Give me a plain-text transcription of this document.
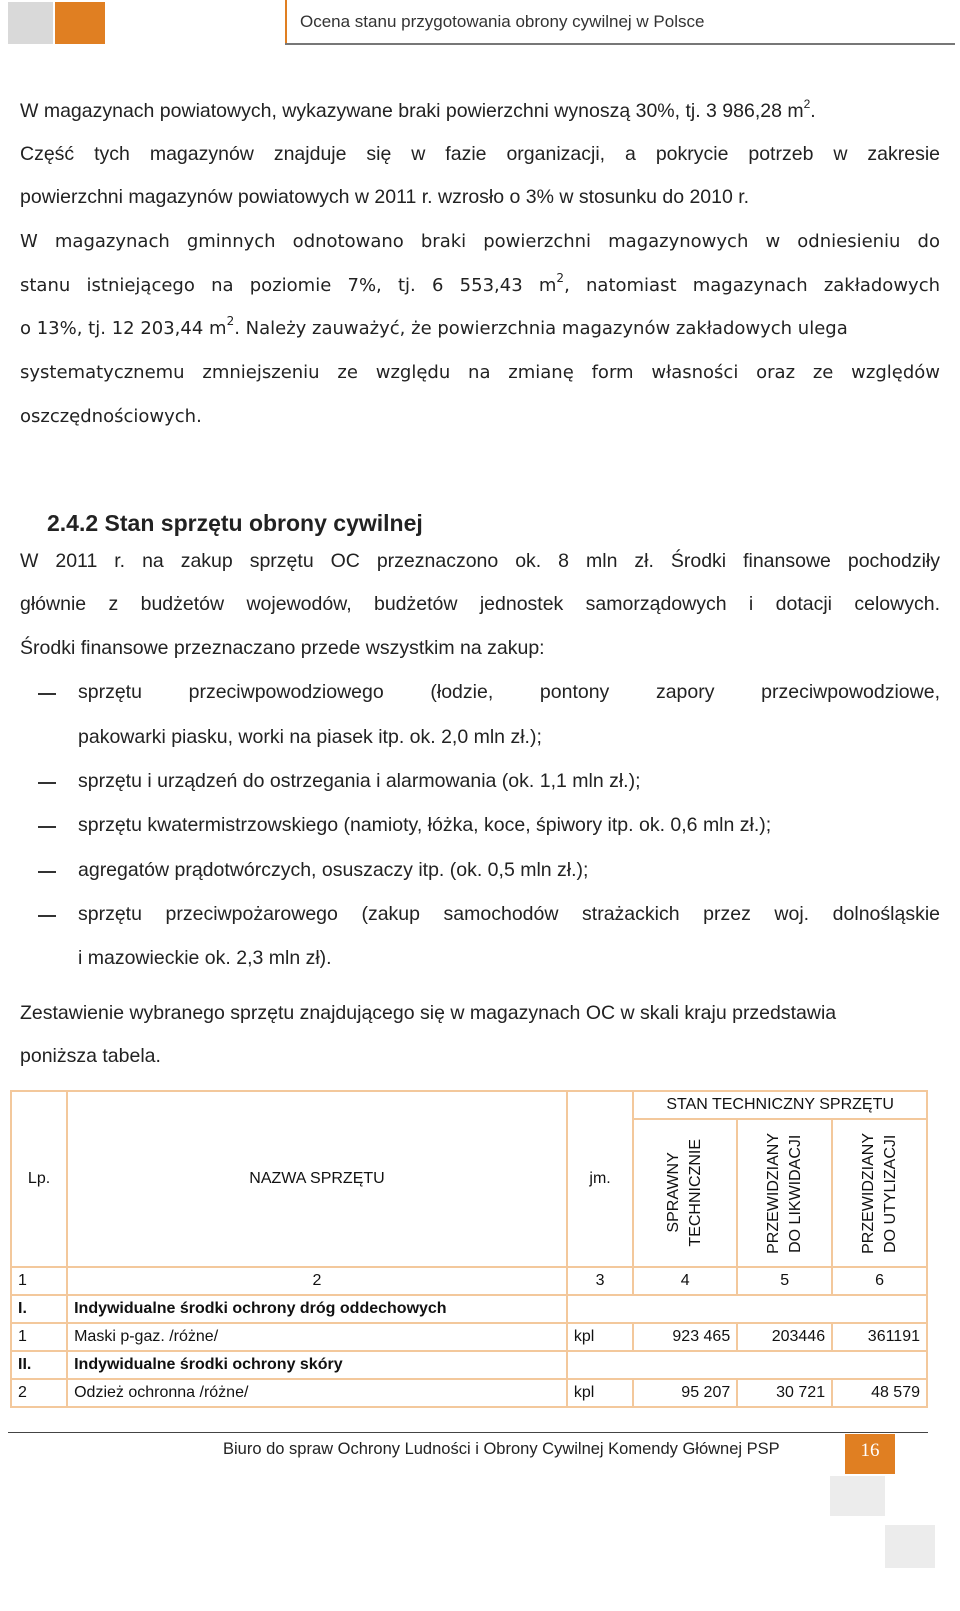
Ocena stanu przygotowania obrony cywilnej w Polsce
W magazynach powiatowych, wykazywane braki powierzchni wynoszą 30%, tj. 3 986,28 $m^2$.
Część tych magazynów znajduje się w fazie organizacji, a pokrycie potrzeb w zakresie
powierzchni magazynów powiatowych w 2011 r. wzrosło o 3% w stosunku do 2010 r.
W magazynach gminnych odnotowano braki powierzchni magazynowych w odniesieniu do
stanu istniejącego na poziomie 7%, tj. 6 553,43 $m^2$, natomiast magazynach zakładowych
o 13%, tj. 12 203,44 $m^2$. Należy zauważyć, że powierzchnia magazynów zakładowych ulega
systematycznemu zmniejszeniu ze względu na zmianę form własności oraz ze względów
oszczędnościowych.
2.4.2 Stan sprzętu obrony cywilnej
W 2011 r. na zakup sprzętu OC przeznaczono ok. 8 mln zł. Środki finansowe pochodziły
głównie z budżetów wojewodów, budżetów jednostek samorządowych i dotacji celowych.
Środki finansowe przeznaczano przede wszystkim na zakup:
sprzętu przeciwpowodziowego (łodzie, pontony zapory przeciwpowodziowe,
pakowarki piasku, worki na piasek itp. ok. 2,0 mln zł.);
sprzętu i urządzeń do ostrzegania i alarmowania (ok. 1,1 mln zł.);
sprzętu kwatermistrzowskiego (namioty, łóżka, koce, śpiwory itp. ok. 0,6 mln zł.);
agregatów prądotwórczych, osuszaczy itp. (ok. 0,5 mln zł.);
sprzętu przeciwpożarowego (zakup samochodów strażackich przez woj. dolnośląskie
i mazowieckie ok. 2,3 mln zł).
Zestawienie wybranego sprzętu znajdującego się w magazynach OC w skali kraju przedstawia
poniższa tabela.
Lp.	NAZWA SPRZĘTU	jm.	STAN TECHNICZNY SPRZĘTU		

			SPRAWNY TECHNICZNIE	PRZEWIDZIANY DO LIKWIDACJI	PRZEWIDZIANY DO UTYLIZACJI

1	2	3	4	5	6
I.	Indywidualne środki ochrony dróg oddechowych				
1	Maski p-gaz. /różne/	kpl	923 465	203446	361191
II.	Indywidualne środki ochrony skóry				
2	Odzież ochronna /różne/	kpl	95 207	30 721	48 579
Biuro do spraw Ochrony Ludności i Obrony Cywilnej Komendy Głównej PSP	16
